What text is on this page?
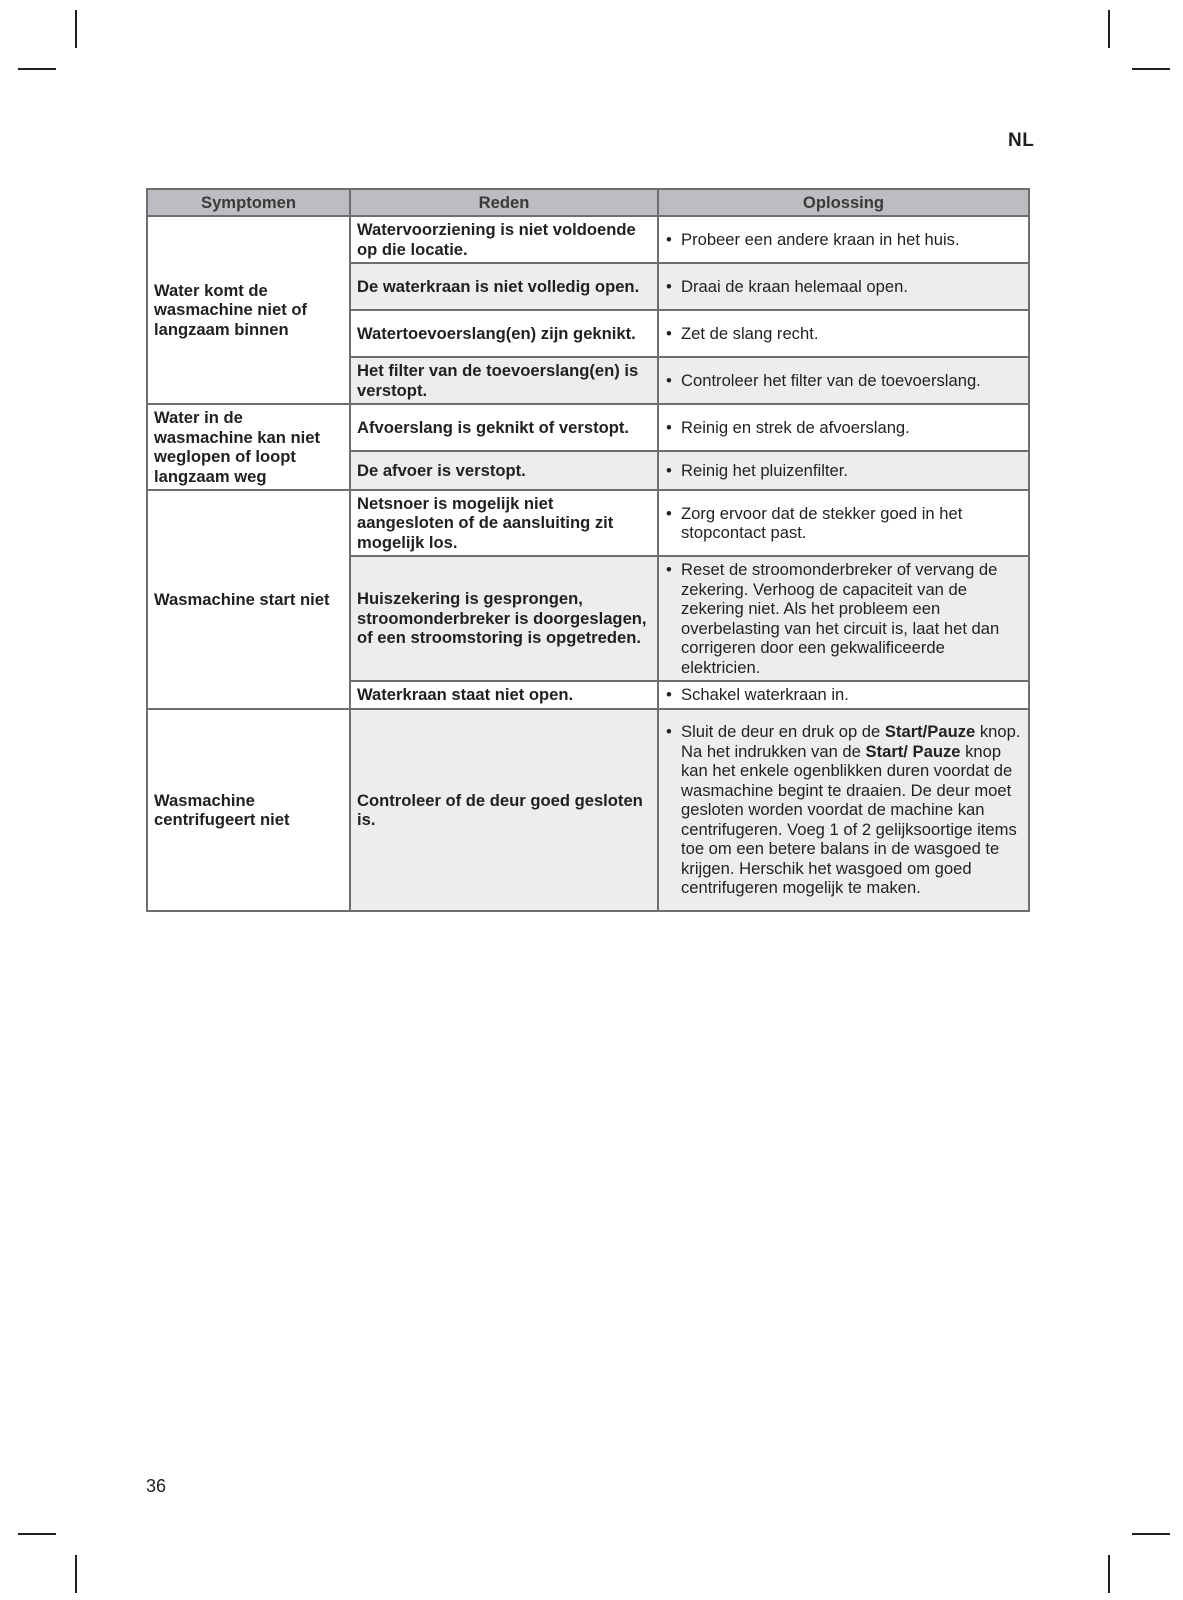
NL
Symptomen	Reden	Oplossing
Water komt de wasmachine niet of langzaam binnen	Watervoorziening is niet voldoende op die locatie.	• Probeer een andere kraan in het huis.
	De waterkraan is niet volledig open.	• Draai de kraan helemaal open.
	Watertoevoerslang(en) zijn geknikt.	• Zet de slang recht.
	Het filter van de toevoerslang(en) is verstopt.	• Controleer het filter van de toevoerslang.
Water in de wasmachine kan niet weglopen of loopt langzaam weg	Afvoerslang is geknikt of verstopt.	• Reinig en strek de afvoerslang.
	De afvoer is verstopt.	• Reinig het pluizenfilter.
Wasmachine start niet	Netsnoer is mogelijk niet aangesloten of de aansluiting zit mogelijk los.	• Zorg ervoor dat de stekker goed in het stopcontact past.
	Huiszekering is gesprongen, stroomonderbreker is doorgeslagen, of een stroomstoring is opgetreden.	• Reset de stroomonderbreker of vervang de zekering. Verhoog de capaciteit van de zekering niet. Als het probleem een overbelasting van het circuit is, laat het dan corrigeren door een gekwalificeerde elektricien.
	Waterkraan staat niet open.	• Schakel waterkraan in.
Wasmachine centrifugeert niet	Controleer of de deur goed gesloten is.	• Sluit de deur en druk op de Start/Pauze knop. Na het indrukken van de Start/ Pauze knop kan het enkele ogenblikken duren voordat de wasmachine begint te draaien. De deur moet gesloten worden voordat de machine kan centrifugeren. Voeg 1 of 2 gelijksoortige items toe om een betere balans in de wasgoed te krijgen. Herschik het wasgoed om goed centrifugeren mogelijk te maken.
36
